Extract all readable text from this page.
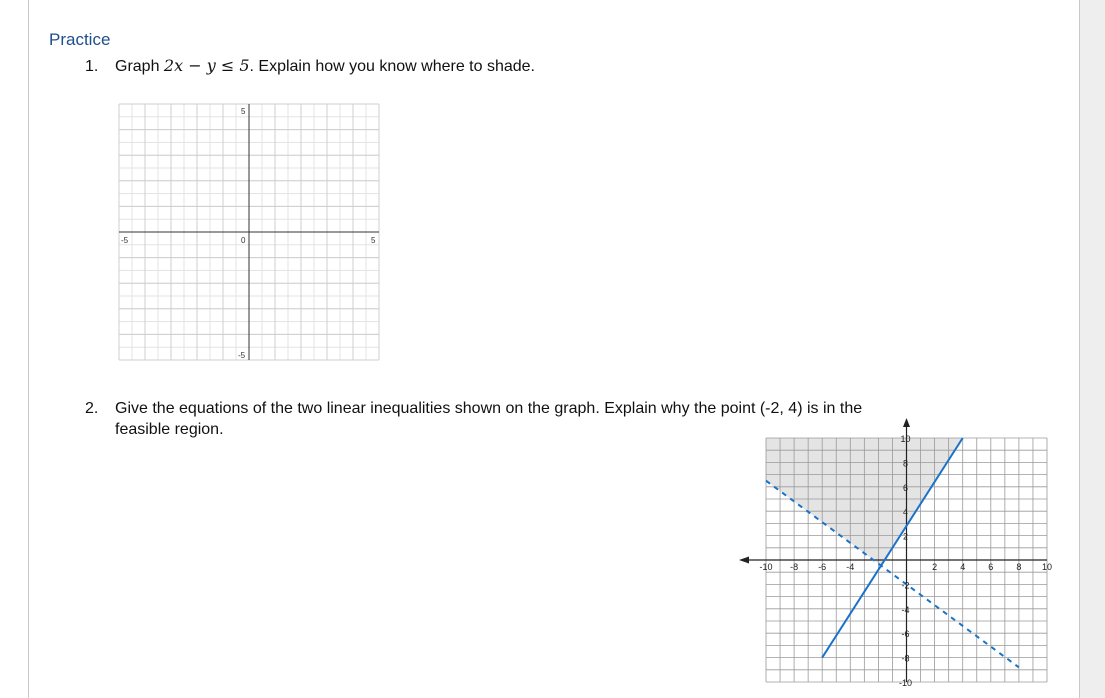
Practice
1. Graph 2x − y ≤ 5. Explain how you know where to shade.
-5	0	5
5
-5
2. Give the equations of the two linear inequalities shown on the graph. Explain why the point (-2, 4) is in the
feasible region.
-10 -8 -6 -4	2	4	6	8 10
10
8
6
4
2
-2
-4
-6
-8
-10
